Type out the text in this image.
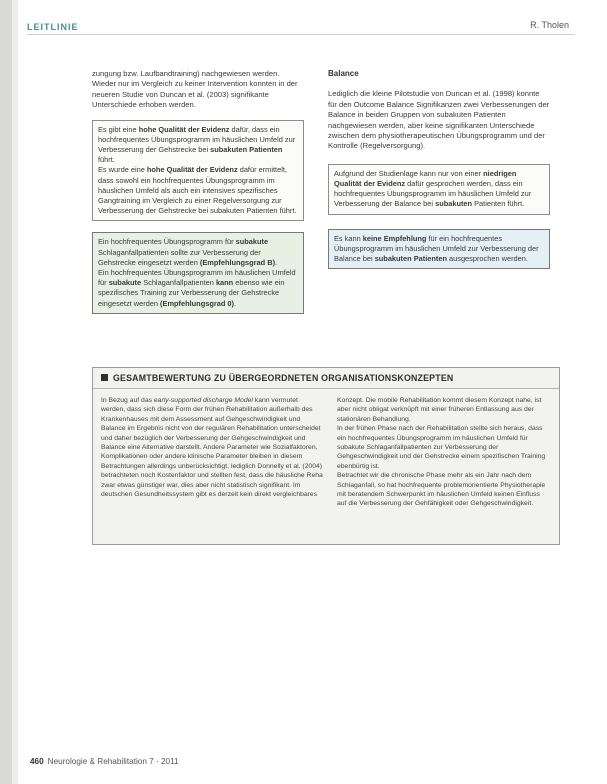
LEITLINIE	R. Tholen

zungung bzw. Laufbandtraining) nachgewiesen werden. Wieder nur im Vergleich zu keiner Intervention konnten in der neueren Studie von Duncan et al. (2003) signifikante Unterschiede erhoben werden.

Es gibt eine hohe Qualität der Evidenz dafür, dass ein hochfrequentes Übungsprogramm im häuslichen Umfeld zur Verbesserung der Gehstrecke bei subakuten Patienten führt.

Es wurde eine hohe Qualität der Evidenz dafür ermittelt, dass sowohl ein hochfrequentes Übungsprogramm im häuslichen Umfeld als auch ein intensives spezifisches Gangtraining im Vergleich zu einer Regelversorgung zur Verbesserung der Gehstrecke bei subakuten Patienten führt.

Ein hochfrequentes Übungsprogramm für subakute Schlaganfallpatienten sollte zur Verbesserung der Gehstrecke eingesetzt werden (Empfehlungsgrad B).

Ein hochfrequentes Übungsprogramm im häuslichen Umfeld für subakute Schlaganfallpatienten kann ebenso wie ein spezifisches Training zur Verbesserung der Gehstrecke eingesetzt werden (Empfehlungsgrad 0).

Balance

Lediglich die kleine Pilotstudie von Duncan et al. (1998) konnte für den Outcome Balance Signifikanzen zwei Verbesserungen der Balance in beiden Gruppen von subakuten Patienten nachgewiesen werden, aber keine signifikanten Unterschiede zwischen dem physiotherapeutischen Übungsprogramm und der Kontrolle (Regelversorgung).

Aufgrund der Studienlage kann nur von einer niedrigen Qualität der Evidenz dafür gesprochen werden, dass ein hochfrequentes Übungsprogramm im häuslichen Umfeld zur Verbesserung der Balance bei subakuten Patienten führt.

Es kann keine Empfehlung für ein hochfrequentes Übungsprogramm im häuslichen Umfeld zur Verbesserung der Balance bei subakuten Patienten ausgesprochen werden.

GESAMTBEWERTUNG ZU ÜBERGEORDNETEN ORGANISATIONSKONZEPTEN

In Bezug auf das early-supported discharge Model kann vermutet werden, dass sich diese Form der frühen Rehabilitation außerhalb des Krankenhauses mit dem Assessment auf Gehgeschwindigkeit und Balance im Ergebnis nicht von der regulären Rehabilitation unterscheidet und daher bezüglich der Verbesserung der Gehgeschwindigkeit und Balance eine Alternative darstellt. Andere Parameter wie Sozialfaktoren, Komplikationen oder andere klinische Parameter bleiben in diesem Betrachtungen allerdings unberücksichtigt, lediglich Donnelly et al. (2004) betrachteten noch Kostenfaktor und stellten fest, dass die häusliche Reha zwar etwas günstiger war, dies aber nicht statistisch signifikant. Im deutschen Gesundheitssystem gibt es derzeit kein direkt vergleichbares

Konzept. Die mobile Rehabilitation kommt diesem Konzept nahe, ist aber nicht obligat verknüpft mit einer früheren Entlassung aus der stationären Behandlung.

In der frühen Phase nach der Rehabilitation stellte sich heraus, dass ein hochfrequentes Übungsprogramm im häuslichen Umfeld für subakute Schlaganfallpatienten zur Verbesserung der Gehgeschwindigkeit und der Gehstrecke einem spezifischen Training ebenbürtig ist.

Betrachtet wir die chronische Phase mehr als ein Jahr nach dem Schlaganfall, so hat hochfrequente problemorientierte Physiotherapie mit beratendem Schwerpunkt im häuslichen Umfeld keinen Einfluss auf die Verbesserung der Gehfähigkeit oder Gehgeschwindigkeit.

460 Neurologie & Rehabilitation 7 · 2011
